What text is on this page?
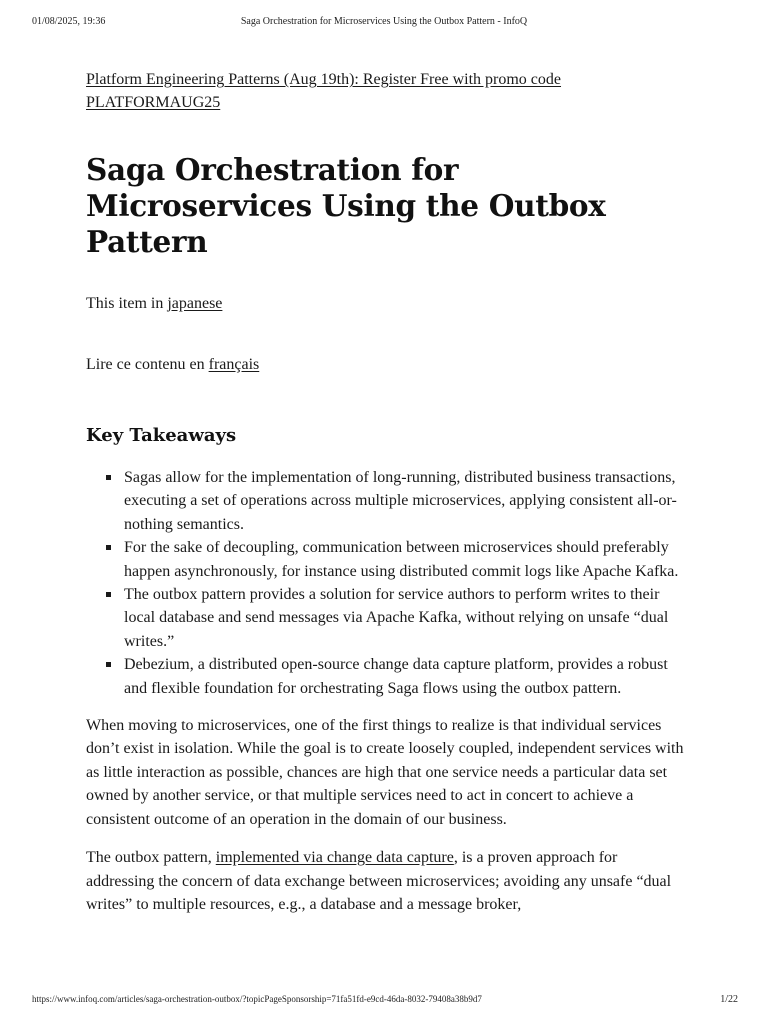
01/08/2025, 19:36	Saga Orchestration for Microservices Using the Outbox Pattern - InfoQ
Platform Engineering Patterns (Aug 19th): Register Free with promo code PLATFORMAUG25
Saga Orchestration for Microservices Using the Outbox Pattern

This item in japanese

Lire ce contenu en français

Key Takeaways
Sagas allow for the implementation of long-running, distributed business transactions, executing a set of operations across multiple microservices, applying consistent all-or-nothing semantics.
For the sake of decoupling, communication between microservices should preferably happen asynchronously, for instance using distributed commit logs like Apache Kafka.
The outbox pattern provides a solution for service authors to perform writes to their local database and send messages via Apache Kafka, without relying on unsafe “dual writes.”
Debezium, a distributed open-source change data capture platform, provides a robust and flexible foundation for orchestrating Saga flows using the outbox pattern.

When moving to microservices, one of the first things to realize is that individual services don’t exist in isolation. While the goal is to create loosely coupled, independent services with as little interaction as possible, chances are high that one service needs a particular data set owned by another service, or that multiple services need to act in concert to achieve a consistent outcome of an operation in the domain of our business.

The outbox pattern, implemented via change data capture, is a proven approach for addressing the concern of data exchange between microservices; avoiding any unsafe “dual writes” to multiple resources, e.g., a database and a message broker,

https://www.infoq.com/articles/saga-orchestration-outbox/?topicPageSponsorship=71fa51fd-e9cd-46da-8032-79408a38b9d7	1/22
